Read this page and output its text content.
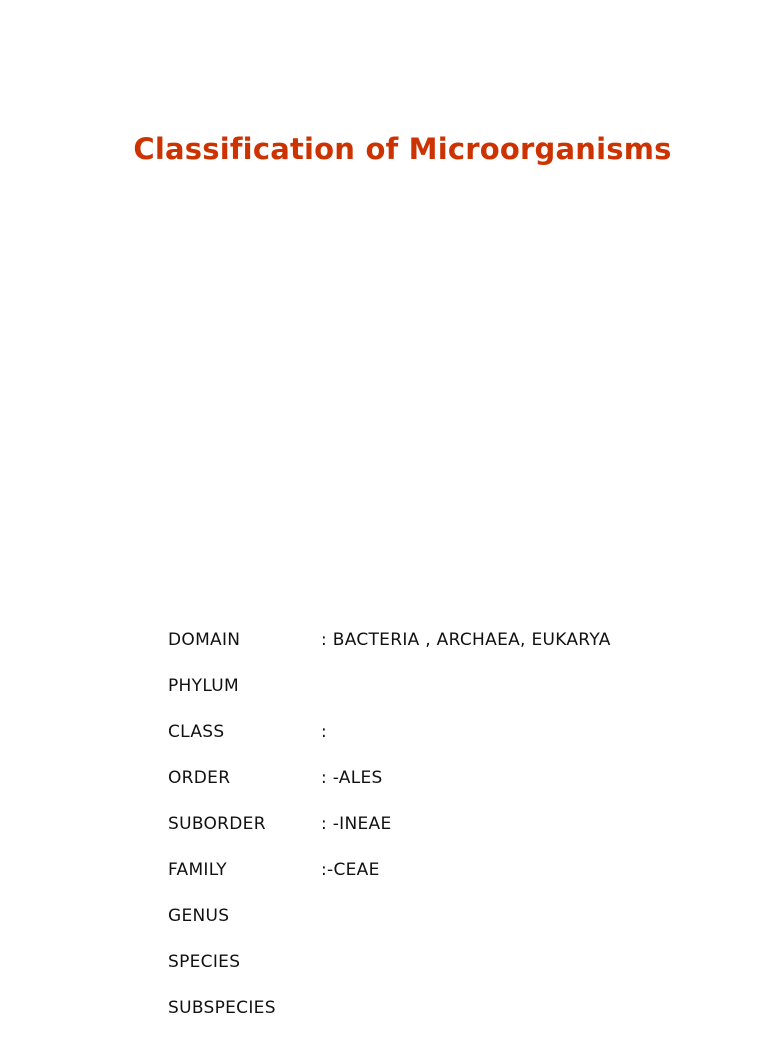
Classification of Microorganisms
DOMAIN	: BACTERIA , ARCHAEA, EUKARYA
PHYLUM
CLASS	:
ORDER	: -ALES
SUBORDER	: -INEAE
FAMILY	:-CEAE
GENUS
SPECIES
SUBSPECIES
